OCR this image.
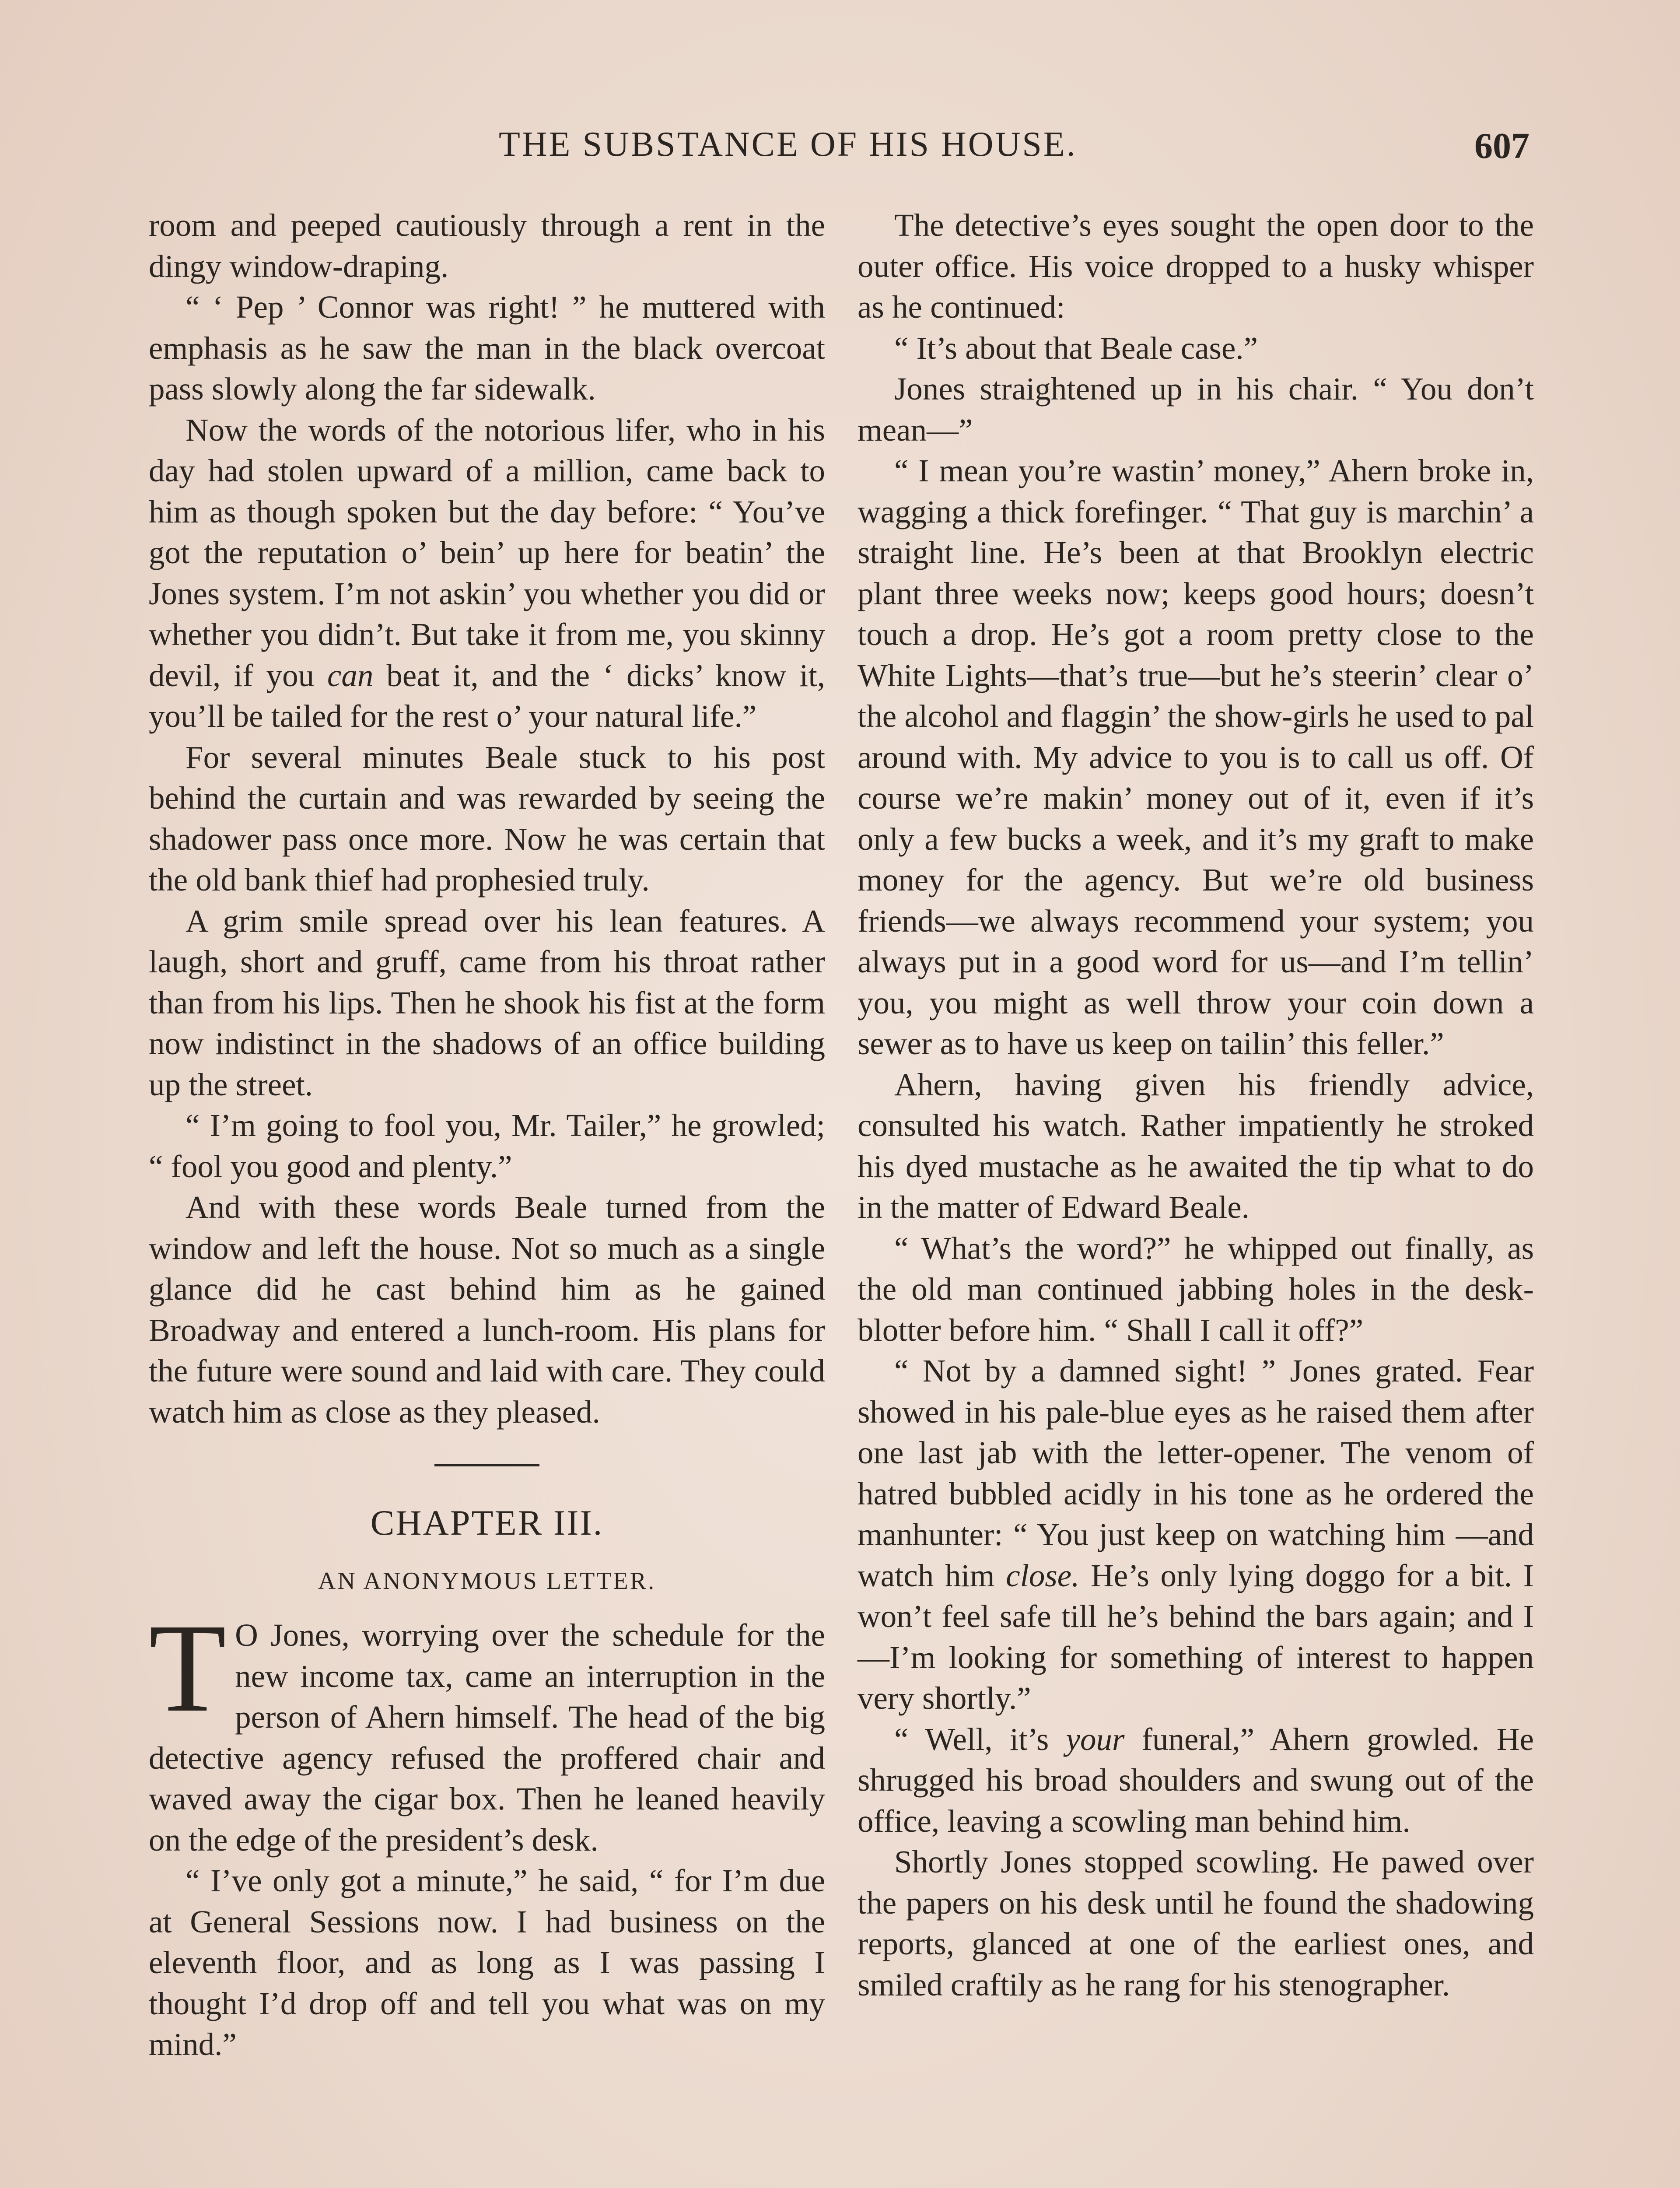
THE SUBSTANCE OF HIS HOUSE.	607

room and peeped cautiously through a rent in the dingy window-draping.

“ ‘ Pep ’ Connor was right! ” he muttered with emphasis as he saw the man in the black overcoat pass slowly along the far sidewalk.

Now the words of the notorious lifer, who in his day had stolen upward of a million, came back to him as though spoken but the day before: “ You’ve got the reputation o’ bein’ up here for beatin’ the Jones system. I’m not askin’ you whether you did or whether you didn’t. But take it from me, you skinny devil, if you can beat it, and the ‘ dicks’ know it, you’ll be tailed for the rest o’ your natural life.”

For several minutes Beale stuck to his post behind the curtain and was rewarded by seeing the shadower pass once more. Now he was certain that the old bank thief had prophesied truly.

A grim smile spread over his lean features. A laugh, short and gruff, came from his throat rather than from his lips. Then he shook his fist at the form now indistinct in the shadows of an office building up the street.

“ I’m going to fool you, Mr. Tailer,” he growled; “ fool you good and plenty.”

And with these words Beale turned from the window and left the house. Not so much as a single glance did he cast behind him as he gained Broadway and entered a lunch-room. His plans for the future were sound and laid with care. They could watch him as close as they pleased.

CHAPTER III.
AN ANONYMOUS LETTER.

T O Jones, worrying over the schedule for the new income tax, came an interruption in the person of Ahern himself. The head of the big detective agency refused the proffered chair and waved away the cigar box. Then he leaned heavily on the edge of the president’s desk.

“ I’ve only got a minute,” he said, “ for I’m due at General Sessions now. I had business on the eleventh floor, and as long as I was passing I thought I’d drop off and tell you what was on my mind.”

The detective’s eyes sought the open door to the outer office. His voice dropped to a husky whisper as he continued:

“ It’s about that Beale case.”

Jones straightened up in his chair. “ You don’t mean—”

“ I mean you’re wastin’ money,” Ahern broke in, wagging a thick forefinger. “ That guy is marchin’ a straight line. He’s been at that Brooklyn electric plant three weeks now; keeps good hours; doesn’t touch a drop. He’s got a room pretty close to the White Lights—that’s true—but he’s steerin’ clear o’ the alcohol and flaggin’ the show-girls he used to pal around with. My advice to you is to call us off. Of course we’re makin’ money out of it, even if it’s only a few bucks a week, and it’s my graft to make money for the agency. But we’re old business friends—we always recommend your system; you always put in a good word for us—and I’m tellin’ you, you might as well throw your coin down a sewer as to have us keep on tailin’ this feller.”

Ahern, having given his friendly advice, consulted his watch. Rather impatiently he stroked his dyed mustache as he awaited the tip what to do in the matter of Edward Beale.

“ What’s the word?” he whipped out finally, as the old man continued jabbing holes in the desk-blotter before him. “ Shall I call it off?”

“ Not by a damned sight! ” Jones grated. Fear showed in his pale-blue eyes as he raised them after one last jab with the letter-opener. The venom of hatred bubbled acidly in his tone as he ordered the manhunter: “ You just keep on watching him —and watch him close. He’s only lying doggo for a bit. I won’t feel safe till he’s behind the bars again; and I—I’m looking for something of interest to happen very shortly.”

“ Well, it’s your funeral,” Ahern growled. He shrugged his broad shoulders and swung out of the office, leaving a scowling man behind him.

Shortly Jones stopped scowling. He pawed over the papers on his desk until he found the shadowing reports, glanced at one of the earliest ones, and smiled craftily as he rang for his stenographer.
